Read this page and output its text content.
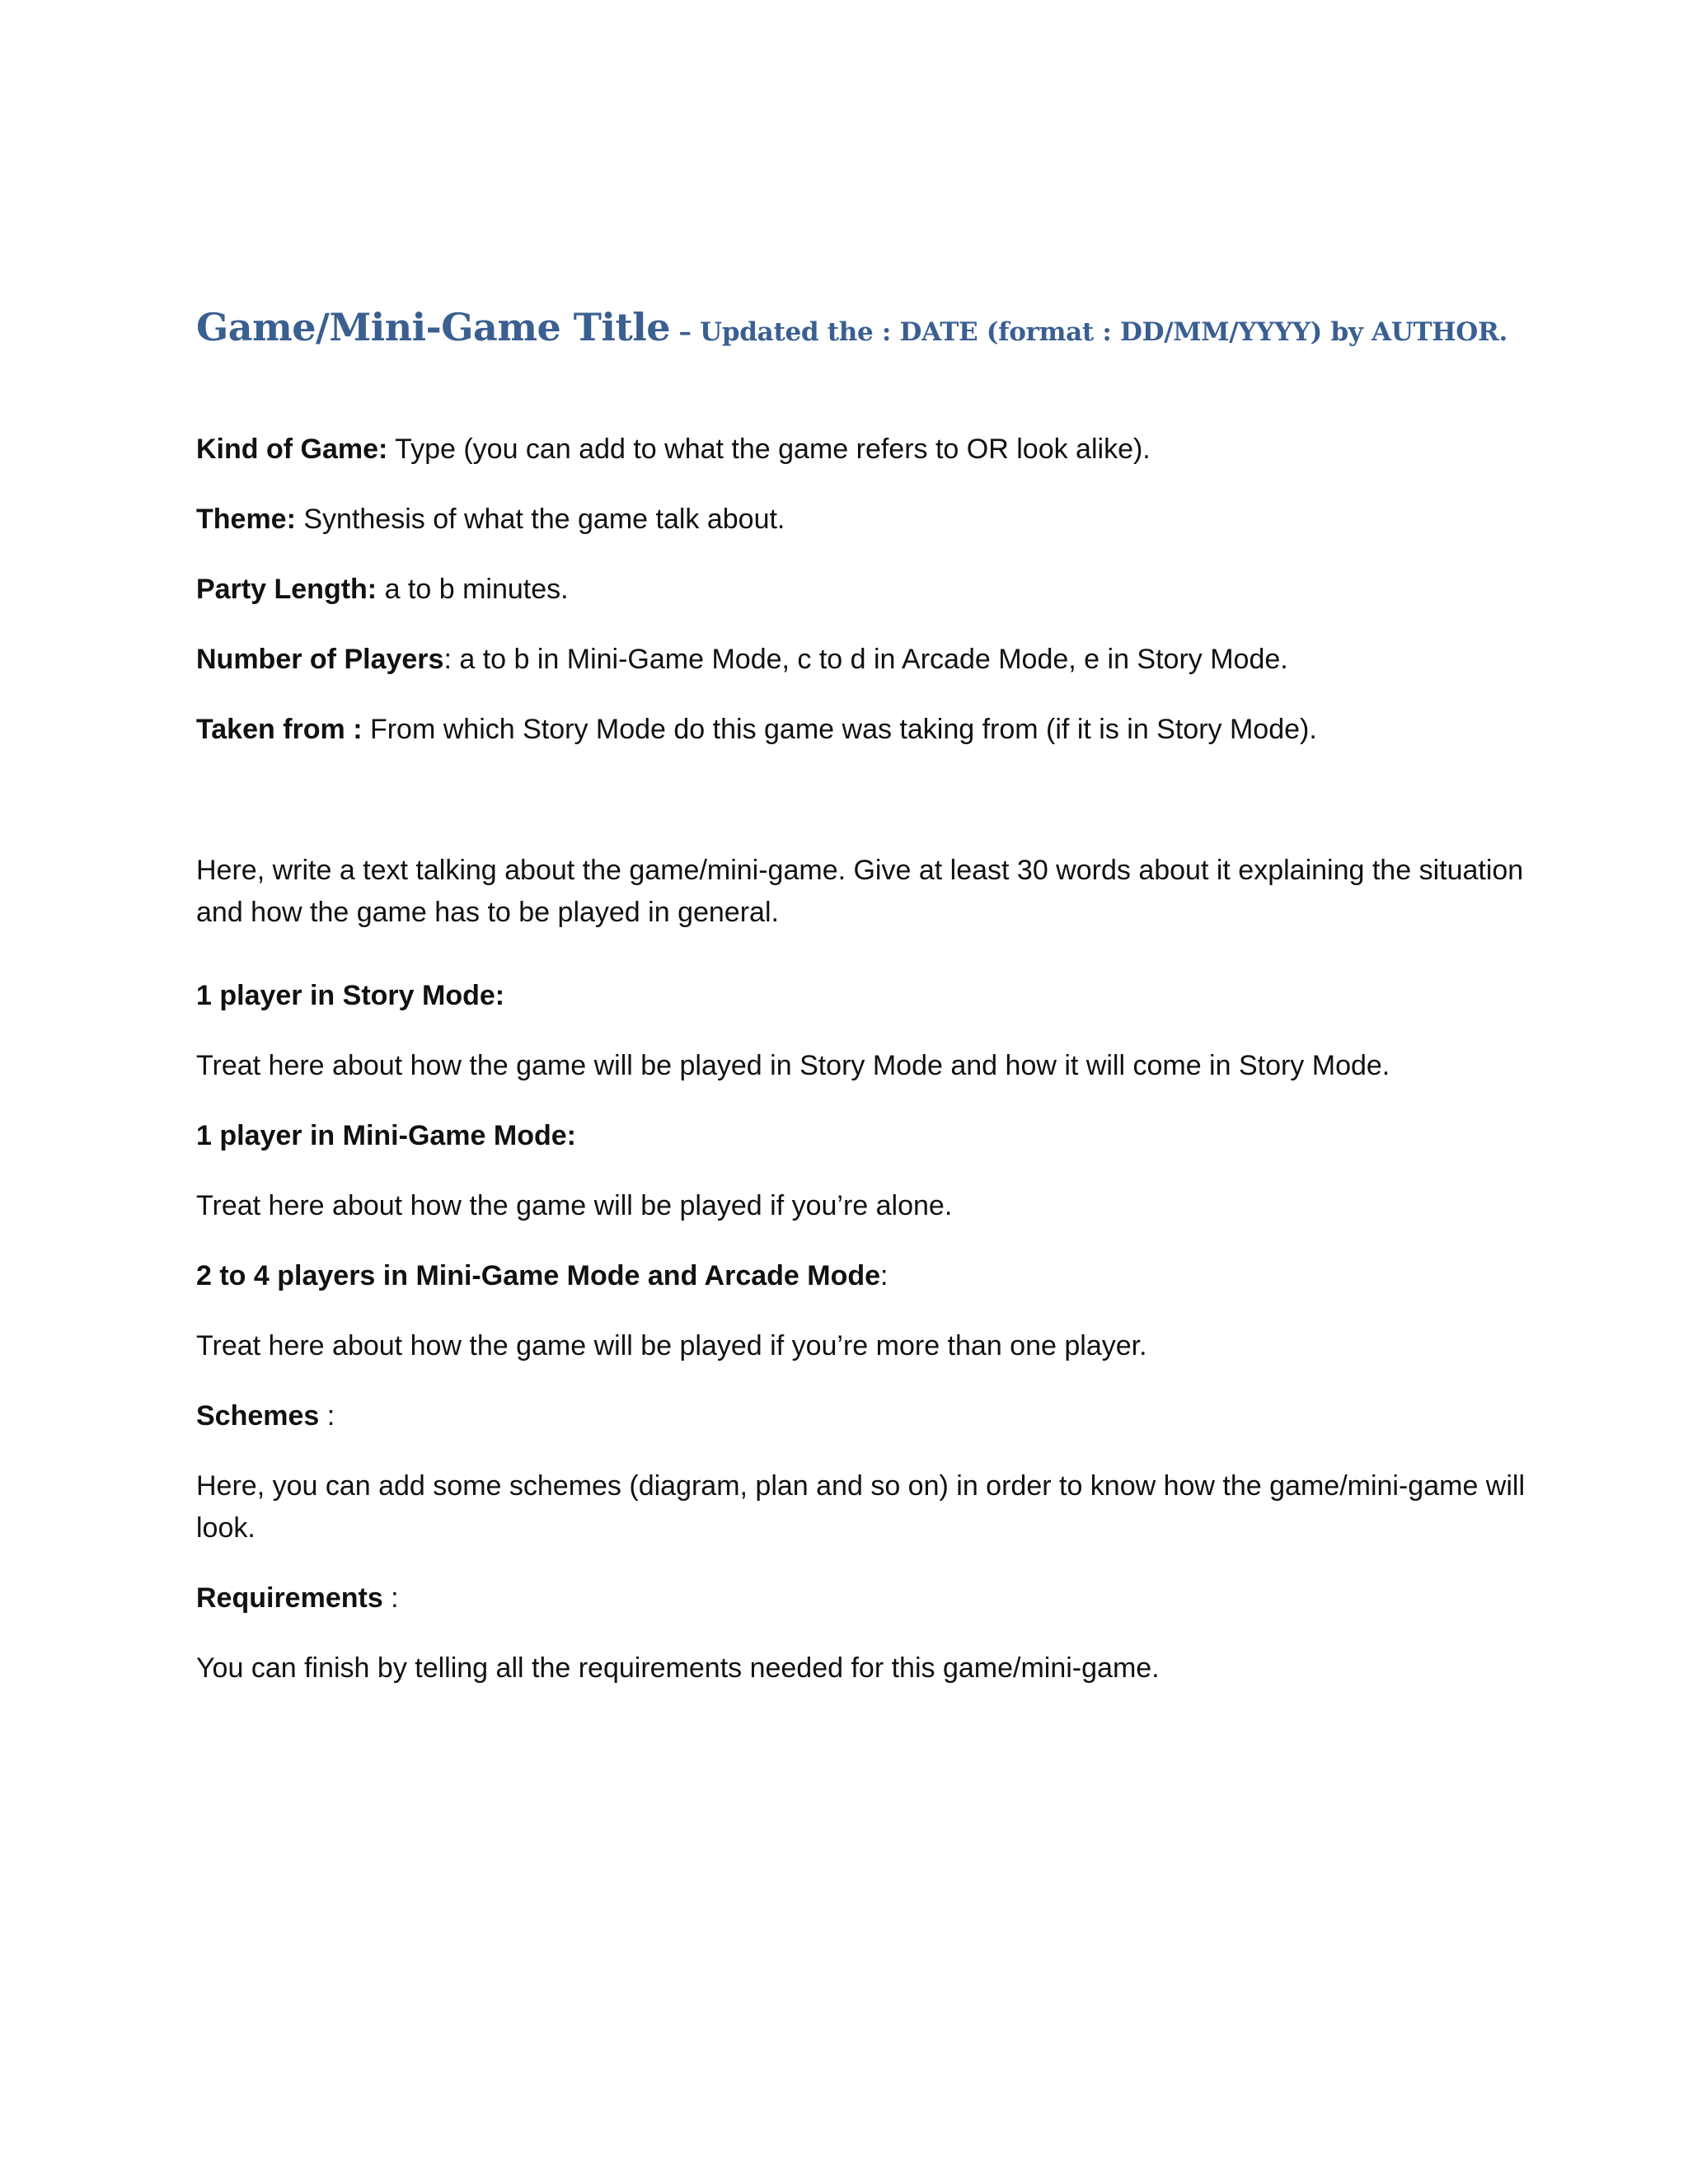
Game/Mini-Game Title – Updated the : DATE (format : DD/MM/YYYY) by AUTHOR.

Kind of Game: Type (you can add to what the game refers to OR look alike).

Theme: Synthesis of what the game talk about.

Party Length: a to b minutes.

Number of Players: a to b in Mini-Game Mode, c to d in Arcade Mode, e in Story Mode.

Taken from : From which Story Mode do this game was taking from (if it is in Story Mode).

Here, write a text talking about the game/mini-game. Give at least 30 words about it explaining the situation and how the game has to be played in general.

1 player in Story Mode:

Treat here about how the game will be played in Story Mode and how it will come in Story Mode.

1 player in Mini-Game Mode:

Treat here about how the game will be played if you’re alone.

2 to 4 players in Mini-Game Mode and Arcade Mode:

Treat here about how the game will be played if you’re more than one player.

Schemes :

Here, you can add some schemes (diagram, plan and so on) in order to know how the game/mini-game will look.

Requirements :

You can finish by telling all the requirements needed for this game/mini-game.
